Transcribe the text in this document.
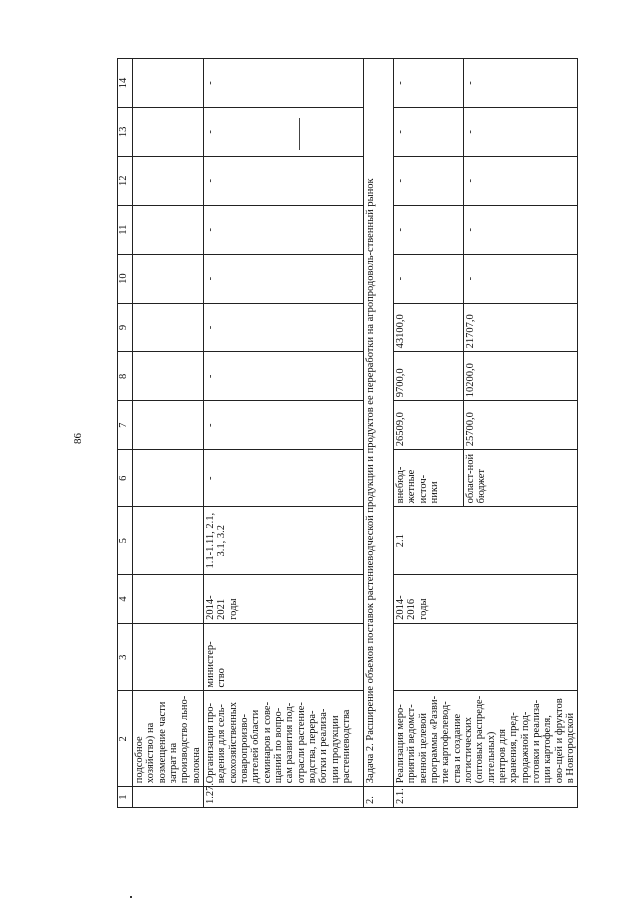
86
1	2	3	4	5	6	7	8	9	10	11	12	13	14
	подсобное хозяйство) на возмещение части затрат на производство льно-волокна												
1.27.	Организация про-ведения для сель-скохозяйственных товаропроизво-дителей области семинаров и сове-щаний по вопро-сам развития под-отрасли растение-водства, перера-ботки и реализа-ции продукции растениеводства	министер-ство	2014-2021 годы	1.1-1.11, 2.1, 3.1, 3.2	-	-	-	-	-	-	-	-	-
2.	Задача 2. Расширение объемов поставок растениеводческой продукции и продуктов ее переработки на агропродоволь-ственный рынок												
2.1.	Реализация меро-приятий ведомст-венной целевой программы «Разви-тие картофелевод-ства и создание логистических (оптовых распреде-лительных) центров для хранения, пред-продажной под-готовки и реализа-ции картофеля, ово-щей и фруктов в Новгородской		2014-2016 годы	2.1	внебюд-жетные источ-ники	26509,0	9700,0	43100,0	-	-	-	-	-
					област-ной бюджет	25700,0	10200,0	21707,0	-	-	-	-	-
